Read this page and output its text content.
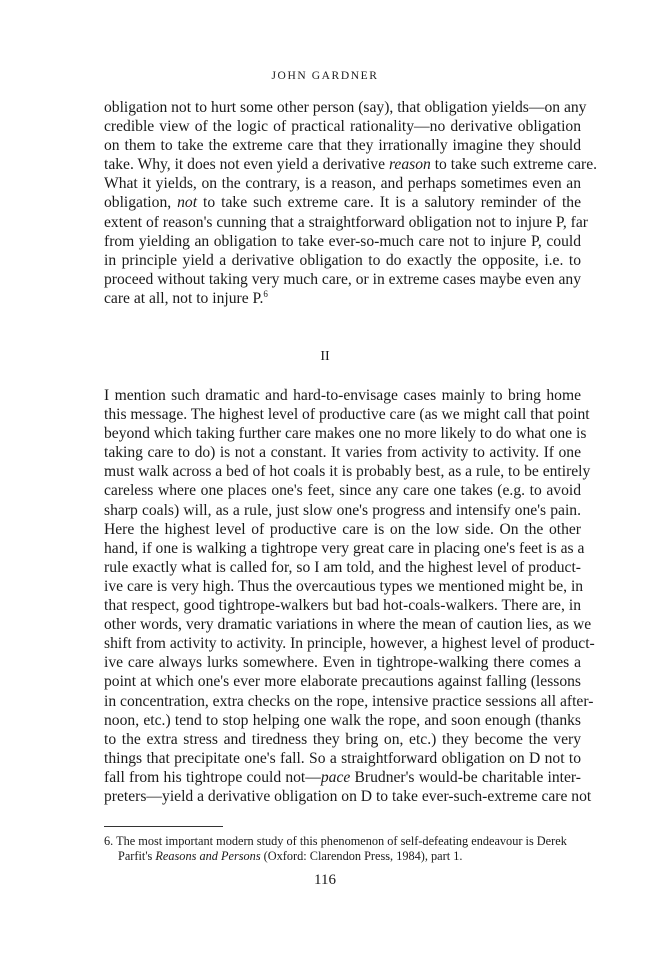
JOHN GARDNER
obligation not to hurt some other person (say), that obligation yields—on any
credible view of the logic of practical rationality—no derivative obligation
on them to take the extreme care that they irrationally imagine they should
take. Why, it does not even yield a derivative reason to take such extreme care.
What it yields, on the contrary, is a reason, and perhaps sometimes even an
obligation, not to take such extreme care. It is a salutory reminder of the
extent of reason's cunning that a straightforward obligation not to injure P, far
from yielding an obligation to take ever-so-much care not to injure P, could
in principle yield a derivative obligation to do exactly the opposite, i.e. to
proceed without taking very much care, or in extreme cases maybe even any
care at all, not to injure P.$^6$
II
I mention such dramatic and hard-to-envisage cases mainly to bring home
this message. The highest level of productive care (as we might call that point
beyond which taking further care makes one no more likely to do what one is
taking care to do) is not a constant. It varies from activity to activity. If one
must walk across a bed of hot coals it is probably best, as a rule, to be entirely
careless where one places one's feet, since any care one takes (e.g. to avoid
sharp coals) will, as a rule, just slow one's progress and intensify one's pain.
Here the highest level of productive care is on the low side. On the other
hand, if one is walking a tightrope very great care in placing one's feet is as a
rule exactly what is called for, so I am told, and the highest level of product-
ive care is very high. Thus the overcautious types we mentioned might be, in
that respect, good tightrope-walkers but bad hot-coals-walkers. There are, in
other words, very dramatic variations in where the mean of caution lies, as we
shift from activity to activity. In principle, however, a highest level of product-
ive care always lurks somewhere. Even in tightrope-walking there comes a
point at which one's ever more elaborate precautions against falling (lessons
in concentration, extra checks on the rope, intensive practice sessions all after-
noon, etc.) tend to stop helping one walk the rope, and soon enough (thanks
to the extra stress and tiredness they bring on, etc.) they become the very
things that precipitate one's fall. So a straightforward obligation on D not to
fall from his tightrope could not—pace Brudner's would-be charitable inter-
preters—yield a derivative obligation on D to take ever-such-extreme care not
6. The most important modern study of this phenomenon of self-defeating endeavour is Derek
Parfit's Reasons and Persons (Oxford: Clarendon Press, 1984), part 1.
116
